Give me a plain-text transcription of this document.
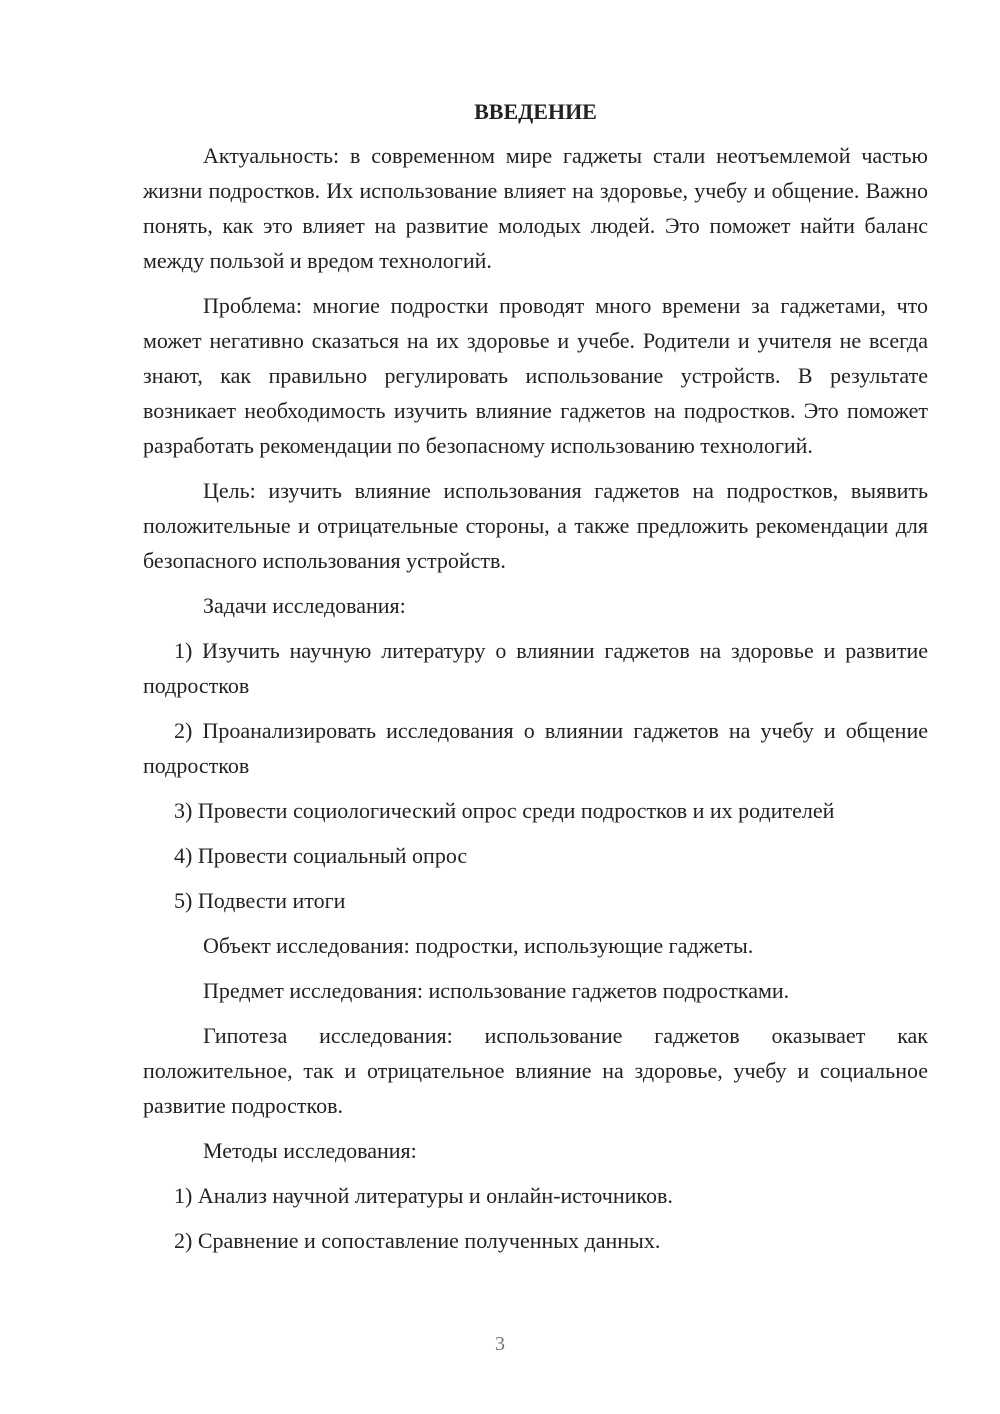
ВВЕДЕНИЕ

Актуальность: в современном мире гаджеты стали неотъемлемой частью жизни подростков. Их использование влияет на здоровье, учебу и общение. Важно понять, как это влияет на развитие молодых людей. Это поможет найти баланс между пользой и вредом технологий.

Проблема: многие подростки проводят много времени за гаджетами, что может негативно сказаться на их здоровье и учебе. Родители и учителя не всегда знают, как правильно регулировать использование устройств. В результате возникает необходимость изучить влияние гаджетов на подростков. Это поможет разработать рекомендации по безопасному использованию технологий.

Цель: изучить влияние использования гаджетов на подростков, выявить положительные и отрицательные стороны, а также предложить рекомендации для безопасного использования устройств.

Задачи исследования:

1) Изучить научную литературу о влиянии гаджетов на здоровье и развитие подростков

2) Проанализировать исследования о влиянии гаджетов на учебу и общение подростков

3) Провести социологический опрос среди подростков и их родителей

4) Провести социальный опрос

5) Подвести итоги

Объект исследования: подростки, использующие гаджеты.

Предмет исследования: использование гаджетов подростками.

Гипотеза исследования: использование гаджетов оказывает как положительное, так и отрицательное влияние на здоровье, учебу и социальное развитие подростков.

Методы исследования:

1) Анализ научной литературы и онлайн-источников.

2) Сравнение и сопоставление полученных данных.

3
